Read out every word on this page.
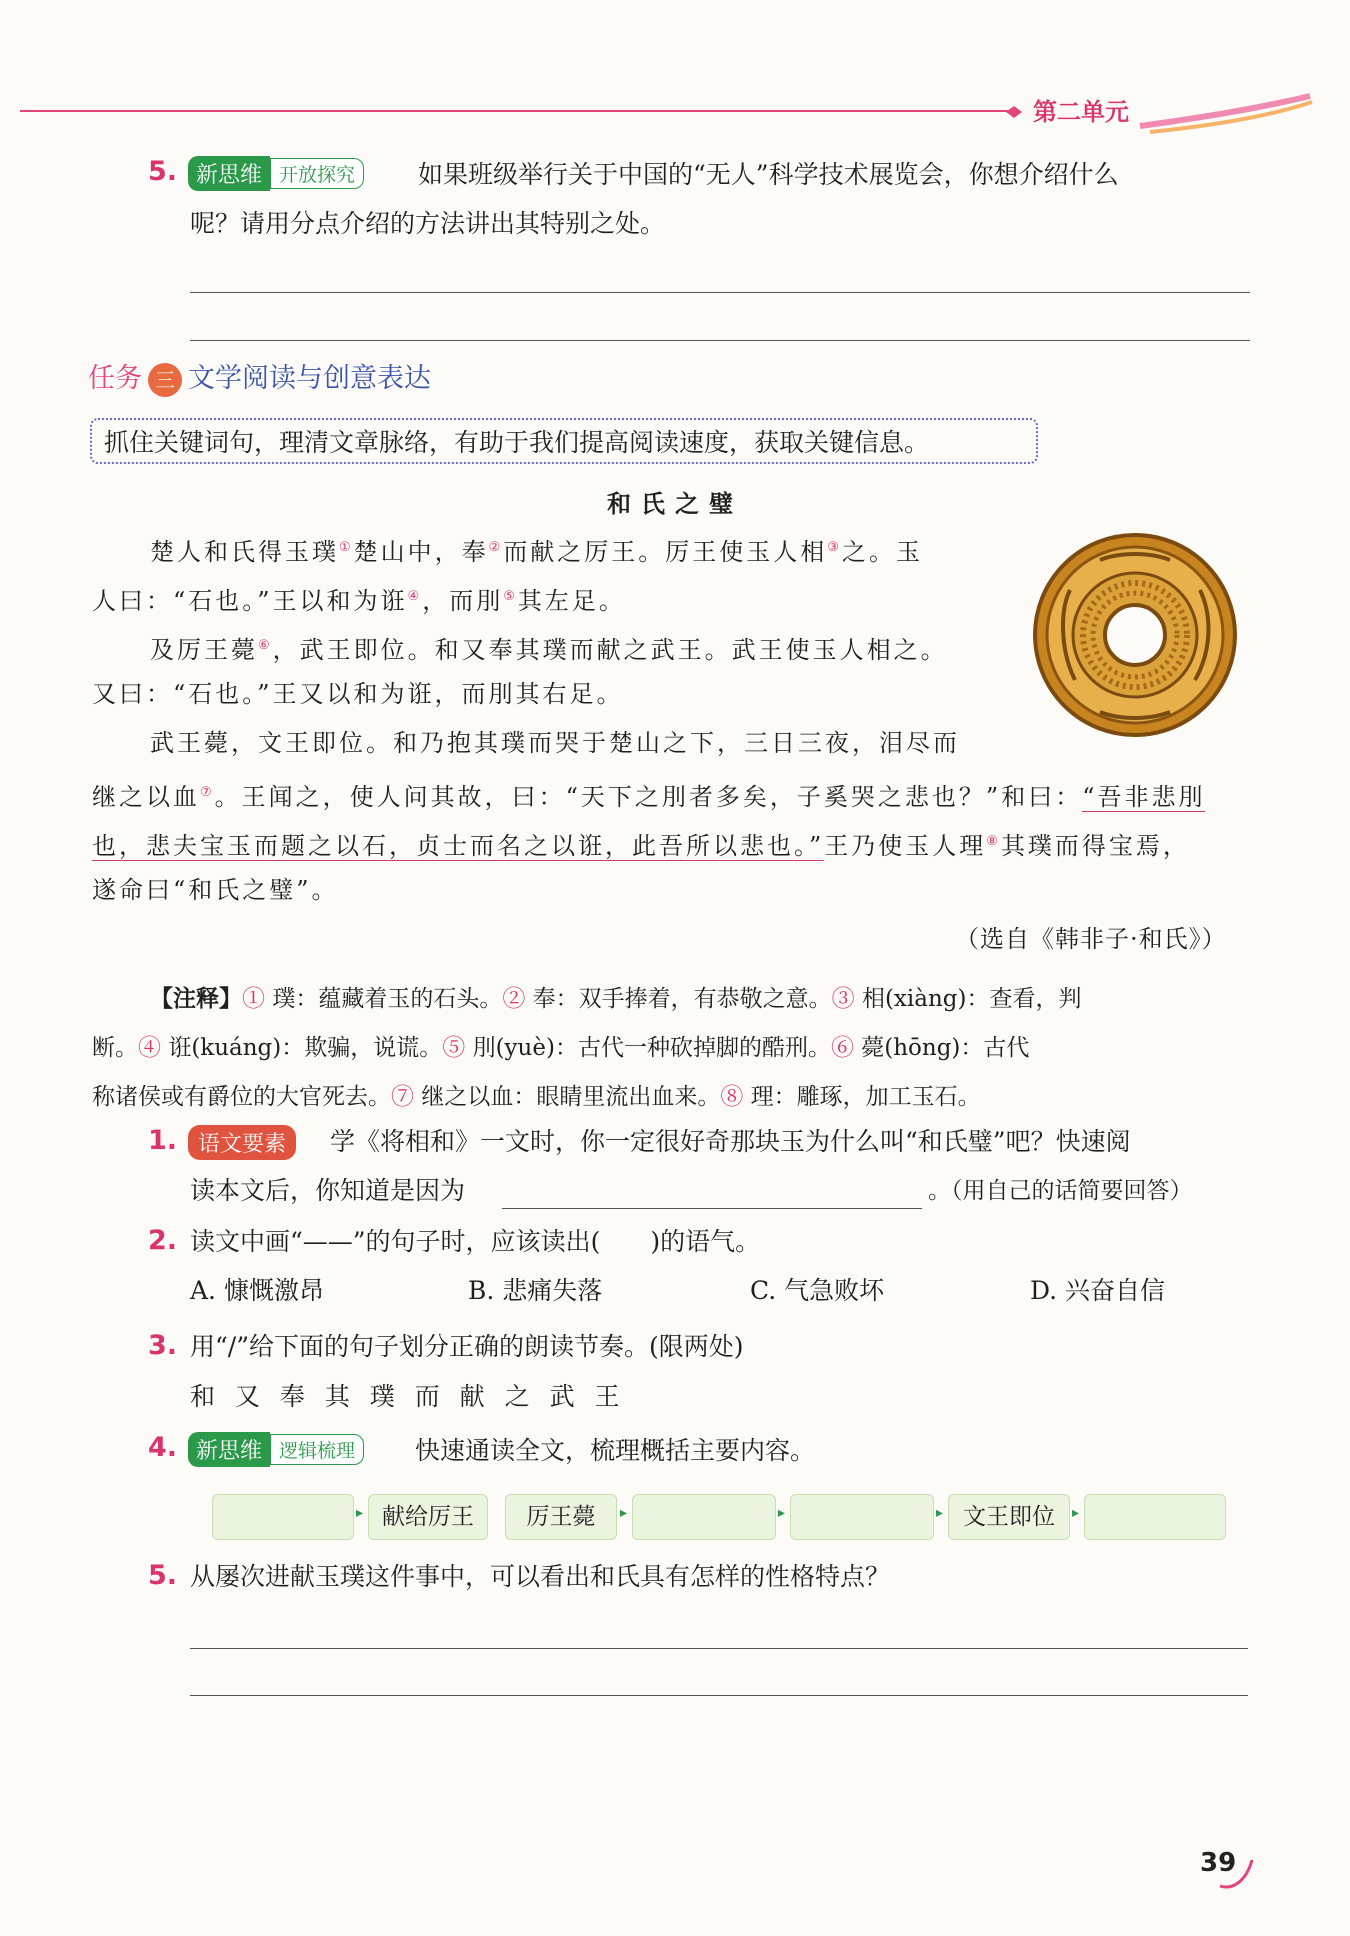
第二单元
5. 新思维 开放探究	如果班级举行关于中国的“无人”科学技术展览会，你想介绍什么
呢？请用分点介绍的方法讲出其特别之处。
任务 三 文学阅读与创意表达
抓住关键词句，理清文章脉络，有助于我们提高阅读速度，获取关键信息。
和氏之璧
楚人和氏得玉璞①楚山中，奉②而献之厉王。厉王使玉人相③之。玉
人曰：“石也。”王以和为诳④，而刖⑤其左足。
及厉王薨⑥，武王即位。和又奉其璞而献之武王。武王使玉人相之。
又曰：“石也。”王又以和为诳，而刖其右足。
武王薨，文王即位。和乃抱其璞而哭于楚山之下，三日三夜，泪尽而
继之以血⑦。王闻之，使人问其故，曰：“天下之刖者多矣，子奚哭之悲也？”和曰：“吾非悲刖
也，悲夫宝玉而题之以石，贞士而名之以诳，此吾所以悲也。”王乃使玉人理⑧其璞而得宝焉，
遂命曰“和氏之璧”。
（选自《韩非子·和氏》）
【注释】① 璞：蕴藏着玉的石头。② 奉：双手捧着，有恭敬之意。③ 相(xiàng)：查看，判
断。④ 诳(kuáng)：欺骗，说谎。⑤ 刖(yuè)：古代一种砍掉脚的酷刑。⑥ 薨(hōng)：古代
称诸侯或有爵位的大官死去。⑦ 继之以血：眼睛里流出血来。⑧ 理：雕琢，加工玉石。
1. 语文要素	学《将相和》一文时，你一定很好奇那块玉为什么叫“和氏璧”吧？快速阅
读本文后，你知道是因为	。（用自己的话简要回答）
2. 读文中画“——”的句子时，应该读出(　　)的语气。
A. 慷慨激昂	B. 悲痛失落	C. 气急败坏	D. 兴奋自信
3. 用“/”给下面的句子划分正确的朗读节奏。(限两处)
和 又 奉 其 璞 而 献 之 武 王
4. 新思维 逻辑梳理	快速通读全文，梳理概括主要内容。
▸ 献给厉王	厉王薨	▸	▸	▸ 文王即位	▸
5. 从屡次进献玉璞这件事中，可以看出和氏具有怎样的性格特点？
39
